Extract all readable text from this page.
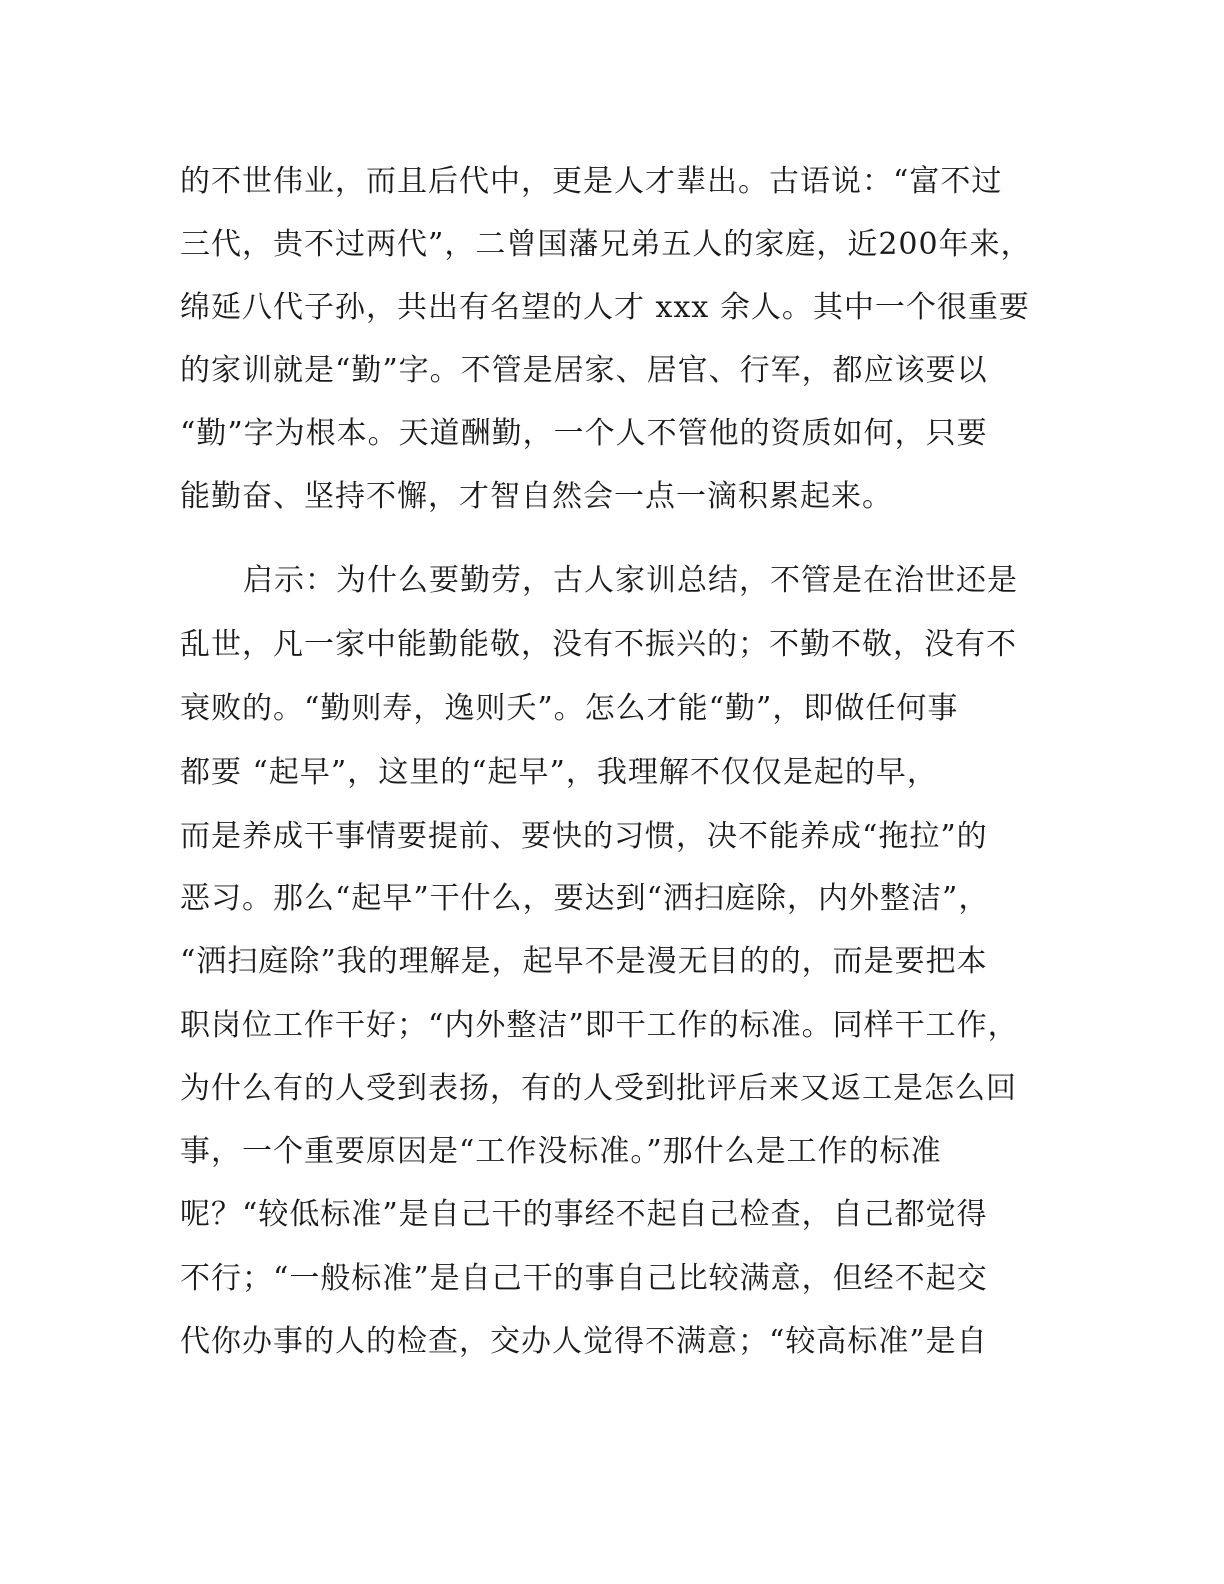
的不世伟业，而且后代中，更是人才辈出。古语说：“富不过
三代，贵不过两代”，二曾国藩兄弟五人的家庭，近200年来，
绵延八代子孙，共出有名望的人才 xxx 余人。其中一个很重要
的家训就是“勤”字。不管是居家、居官、行军，都应该要以
“勤”字为根本。天道酬勤，一个人不管他的资质如何，只要
能勤奋、坚持不懈，才智自然会一点一滴积累起来。
启示：为什么要勤劳，古人家训总结，不管是在治世还是
乱世，凡一家中能勤能敬，没有不振兴的；不勤不敬，没有不
衰败的。“勤则寿，逸则夭”。怎么才能“勤”，即做任何事
都要 “起早”，这里的“起早”，我理解不仅仅是起的早，
而是养成干事情要提前、要快的习惯，决不能养成“拖拉”的
恶习。那么“起早”干什么，要达到“洒扫庭除，内外整洁”，
“洒扫庭除”我的理解是，起早不是漫无目的的，而是要把本
职岗位工作干好；“内外整洁”即干工作的标准。同样干工作，
为什么有的人受到表扬，有的人受到批评后来又返工是怎么回
事，一个重要原因是“工作没标准。”那什么是工作的标准
呢？“较低标准”是自己干的事经不起自己检查，自己都觉得
不行；“一般标准”是自己干的事自己比较满意，但经不起交
代你办事的人的检查，交办人觉得不满意；“较高标准”是自
